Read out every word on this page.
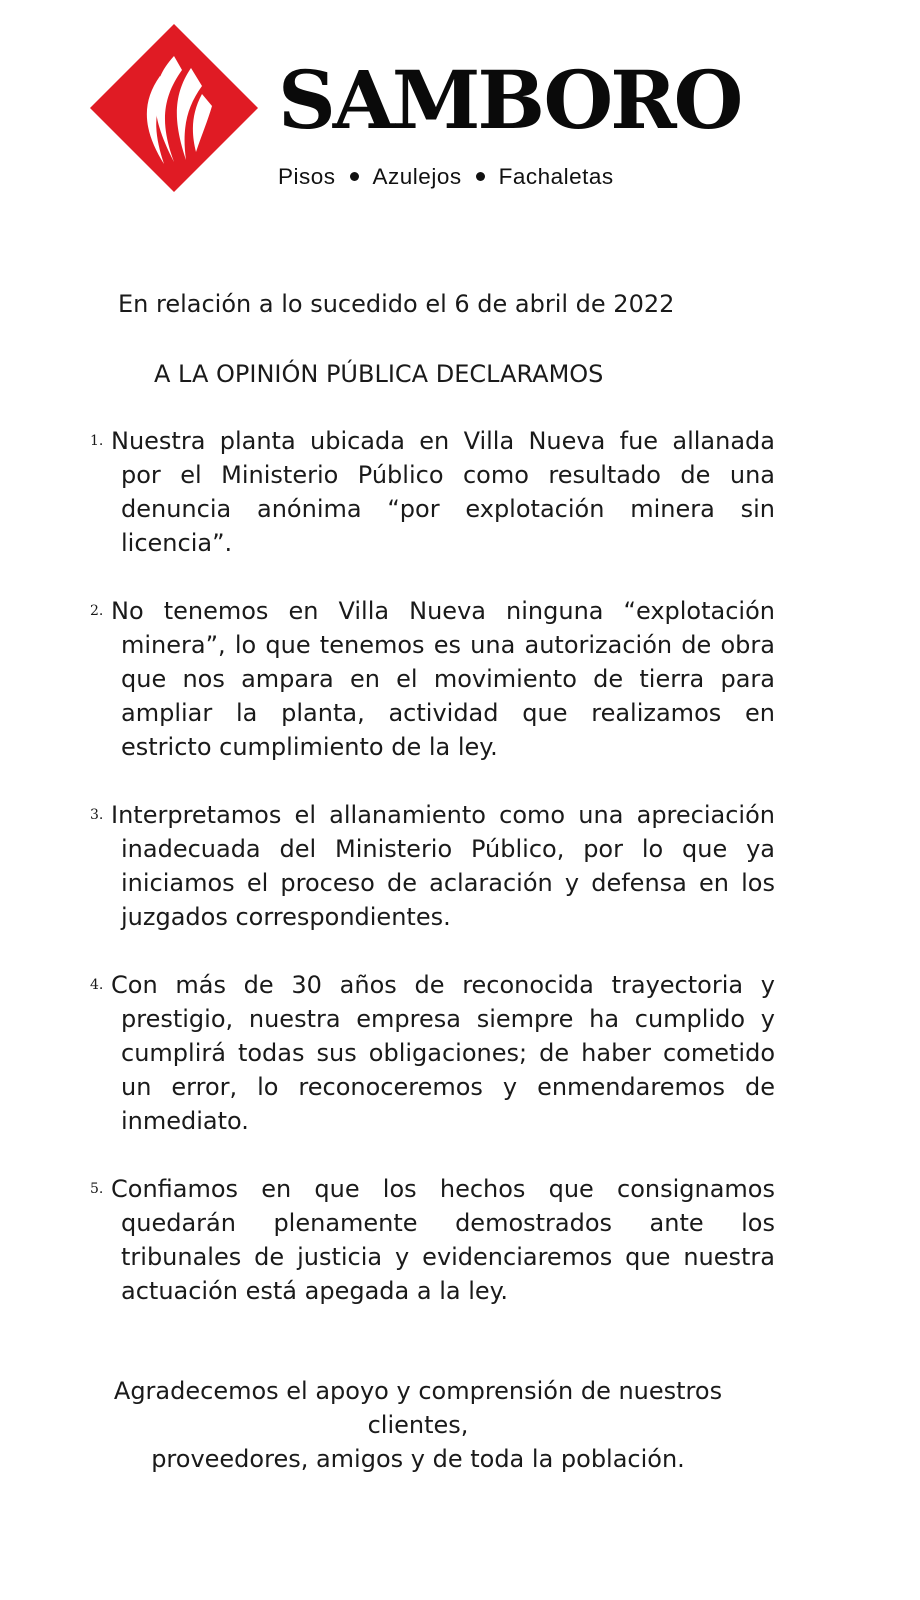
SAMBORO
Pisos Azulejos Fachaletas
En relación a lo sucedido el 6 de abril de 2022
A LA OPINIÓN PÚBLICA DECLARAMOS
1. Nuestra planta ubicada en Villa Nueva fue allanada por el Ministerio Público como resultado de una denuncia anónima “por explotación minera sin licencia”.
2. No tenemos en Villa Nueva ninguna “explotación minera”, lo que tenemos es una autorización de obra que nos ampara en el movimiento de tierra para ampliar la planta, actividad que realizamos en estricto cumplimiento de la ley.
3. Interpretamos el allanamiento como una apreciación inadecuada del Ministerio Público, por lo que ya iniciamos el proceso de aclaración y defensa en los juzgados correspondientes.
4. Con más de 30 años de reconocida trayectoria y prestigio, nuestra empresa siempre ha cumplido y cumplirá todas sus obligaciones; de haber cometido un error, lo reconoceremos y enmendaremos de inmediato.
5. Confiamos en que los hechos que consignamos quedarán plenamente demostrados ante los tribunales de justicia y evidenciaremos que nuestra actuación está apegada a la ley.
Agradecemos el apoyo y comprensión de nuestros clientes,
proveedores, amigos y de toda la población.
